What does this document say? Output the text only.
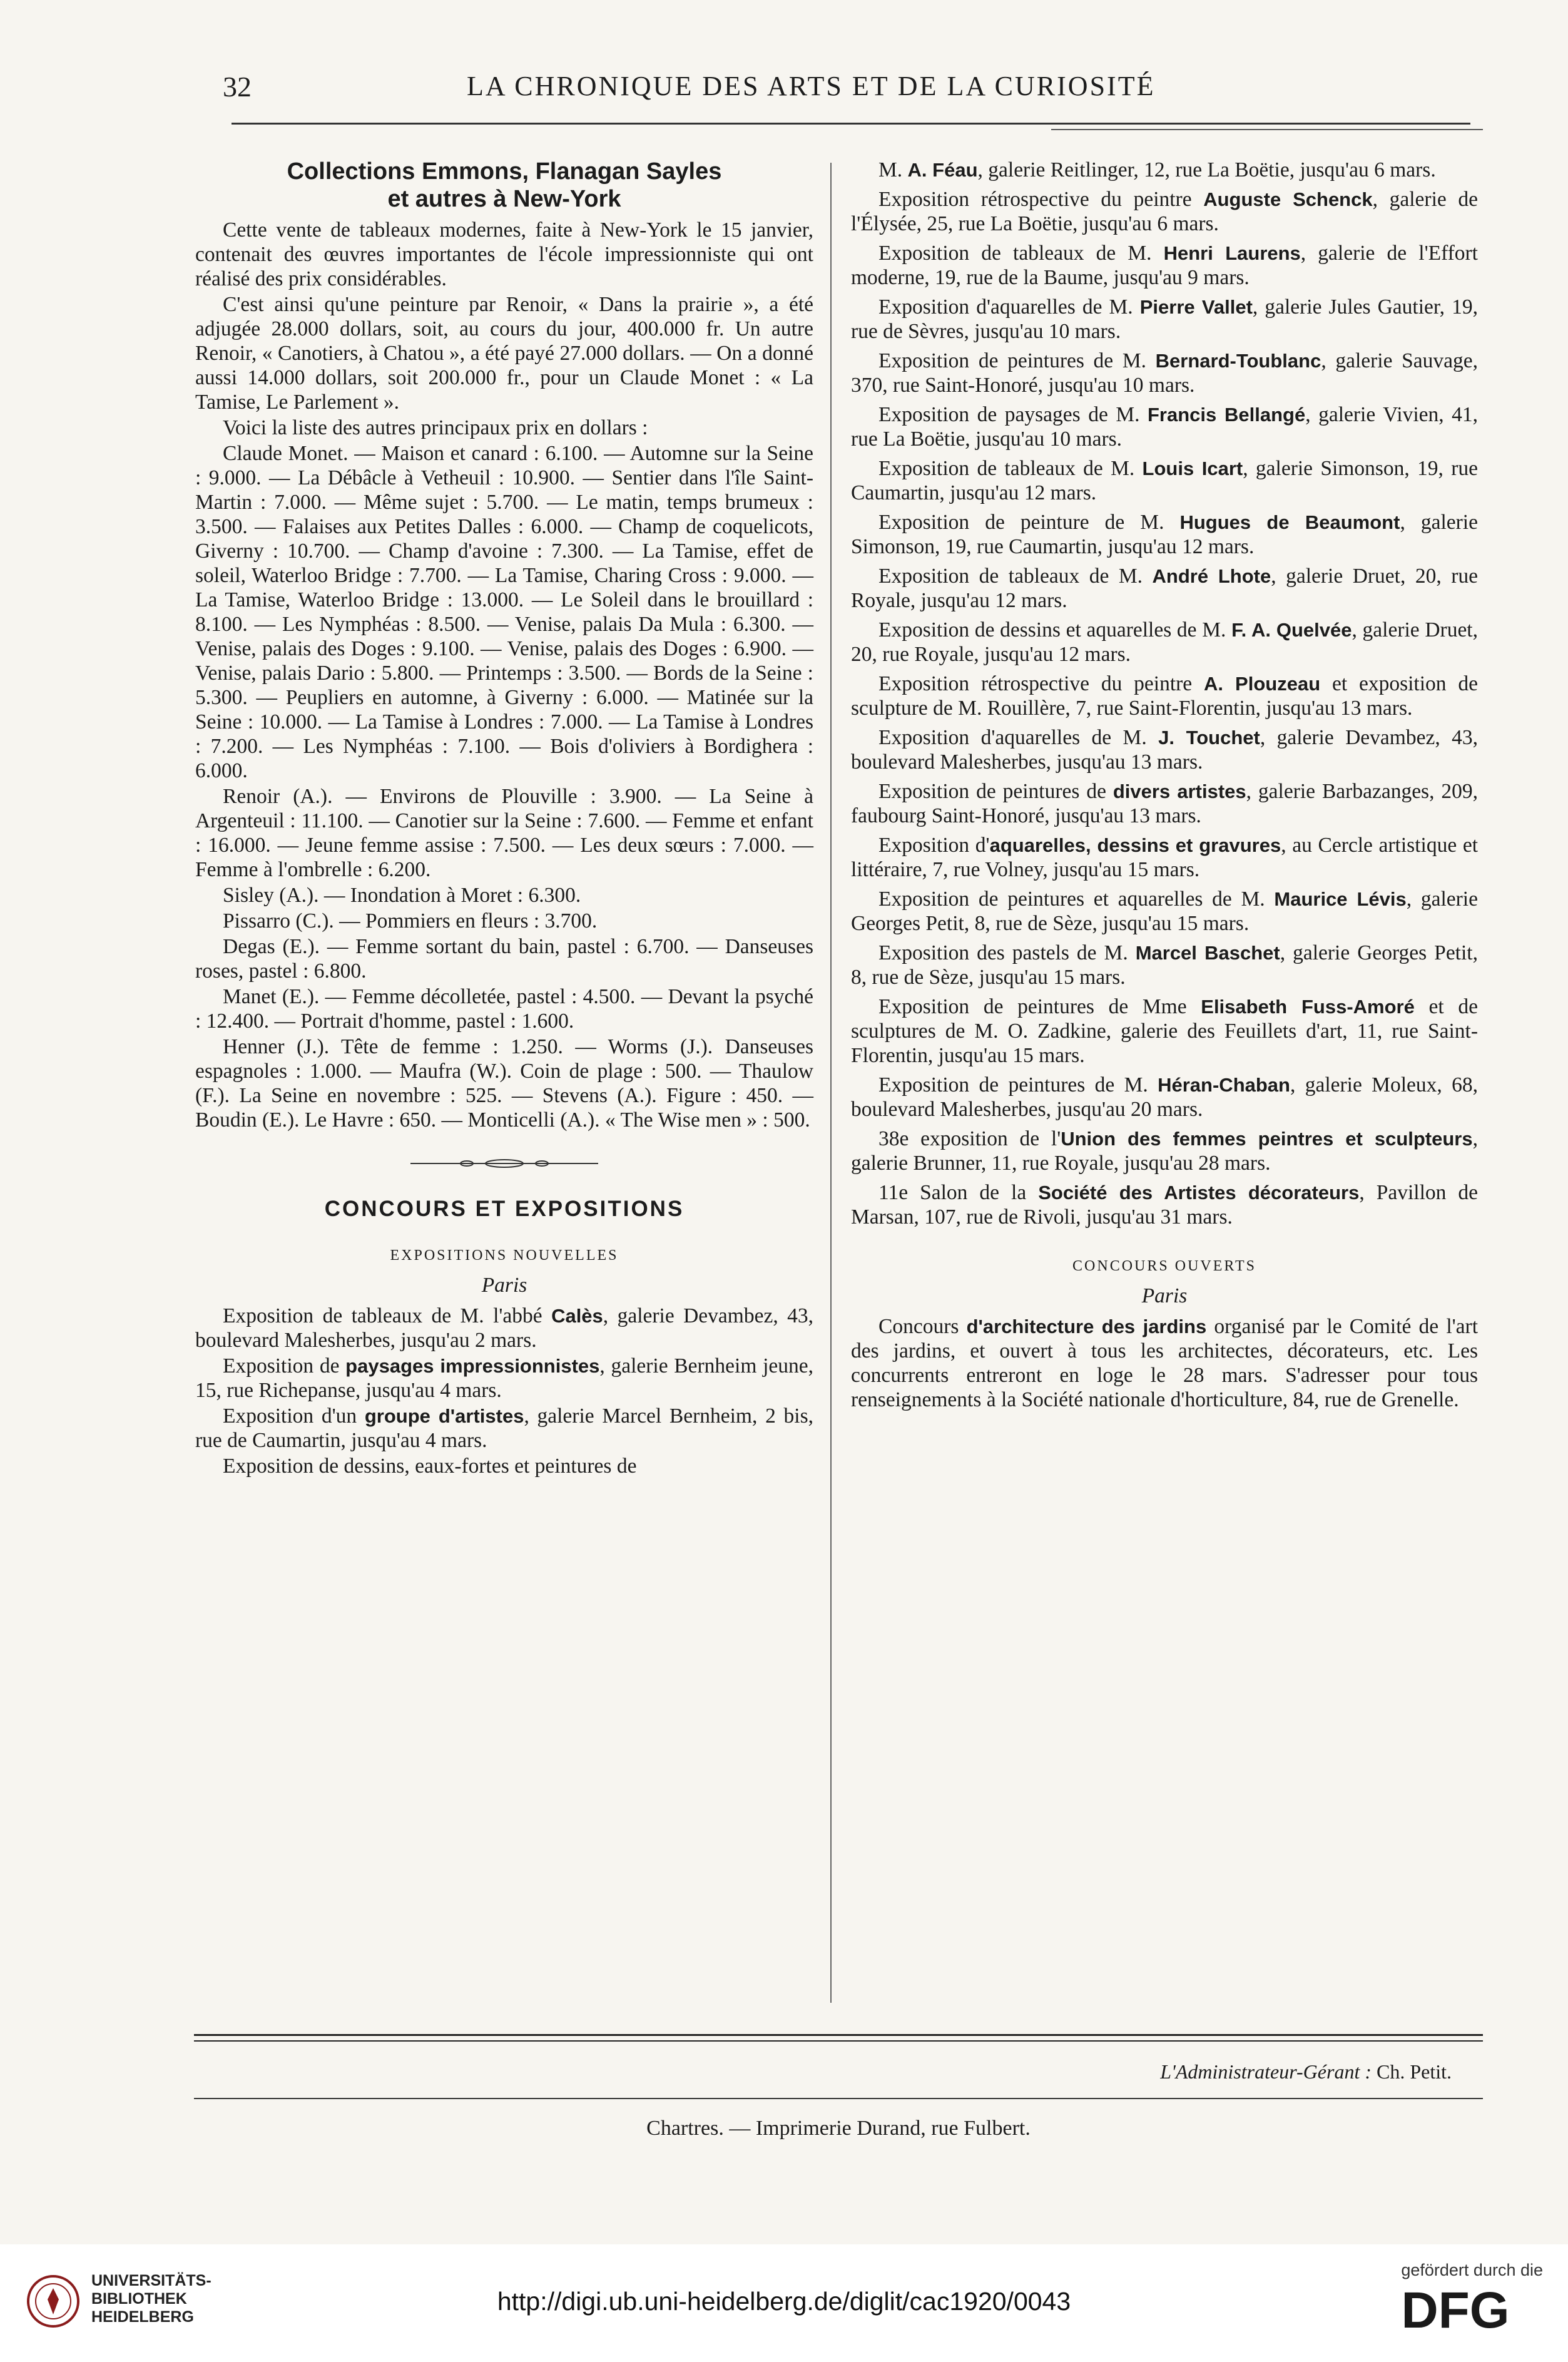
32	LA CHRONIQUE DES ARTS ET DE LA CURIOSITÉ
Collections Emmons, Flanagan Sayles
et autres à New-York

Cette vente de tableaux modernes, faite à New-York le 15 janvier, contenait des œuvres importantes de l'école impressionniste qui ont réalisé des prix considérables.

C'est ainsi qu'une peinture par Renoir, « Dans la prairie », a été adjugée 28.000 dollars, soit, au cours du jour, 400.000 fr. Un autre Renoir, « Canotiers, à Chatou », a été payé 27.000 dollars. — On a donné aussi 14.000 dollars, soit 200.000 fr., pour un Claude Monet : « La Tamise, Le Parlement ».

Voici la liste des autres principaux prix en dollars :

Claude Monet. — Maison et canard : 6.100. — Automne sur la Seine : 9.000. — La Débâcle à Vetheuil : 10.900. — Sentier dans l'île Saint-Martin : 7.000. — Même sujet : 5.700. — Le matin, temps brumeux : 3.500. — Falaises aux Petites Dalles : 6.000. — Champ de coquelicots, Giverny : 10.700. — Champ d'avoine : 7.300. — La Tamise, effet de soleil, Waterloo Bridge : 7.700. — La Tamise, Charing Cross : 9.000. — La Tamise, Waterloo Bridge : 13.000. — Le Soleil dans le brouillard : 8.100. — Les Nymphéas : 8.500. — Venise, palais Da Mula : 6.300. — Venise, palais des Doges : 9.100. — Venise, palais des Doges : 6.900. — Venise, palais Dario : 5.800. — Printemps : 3.500. — Bords de la Seine : 5.300. — Peupliers en automne, à Giverny : 6.000. — Matinée sur la Seine : 10.000. — La Tamise à Londres : 7.000. — La Tamise à Londres : 7.200. — Les Nymphéas : 7.100. — Bois d'oliviers à Bordighera : 6.000.

Renoir (A.). — Environs de Plouville : 3.900. — La Seine à Argenteuil : 11.100. — Canotier sur la Seine : 7.600. — Femme et enfant : 16.000. — Jeune femme assise : 7.500. — Les deux sœurs : 7.000. — Femme à l'ombrelle : 6.200.

Sisley (A.). — Inondation à Moret : 6.300.

Pissarro (C.). — Pommiers en fleurs : 3.700.

Degas (E.). — Femme sortant du bain, pastel : 6.700. — Danseuses roses, pastel : 6.800.

Manet (E.). — Femme décolletée, pastel : 4.500. — Devant la psyché : 12.400. — Portrait d'homme, pastel : 1.600.

Henner (J.). Tête de femme : 1.250. — Worms (J.). Danseuses espagnoles : 1.000. — Maufra (W.). Coin de plage : 500. — Thaulow (F.). La Seine en novembre : 525. — Stevens (A.). Figure : 450. — Boudin (E.). Le Havre : 650. — Monticelli (A.). « The Wise men » : 500.

CONCOURS ET EXPOSITIONS
EXPOSITIONS NOUVELLES
Paris

Exposition de tableaux de M. l'abbé Calès, galerie Devambez, 43, boulevard Malesherbes, jusqu'au 2 mars.

Exposition de paysages impressionnistes, galerie Bernheim jeune, 15, rue Richepanse, jusqu'au 4 mars.

Exposition d'un groupe d'artistes, galerie Marcel Bernheim, 2 bis, rue de Caumartin, jusqu'au 4 mars.

Exposition de dessins, eaux-fortes et peintures de

M. A. Féau, galerie Reitlinger, 12, rue La Boëtie, jusqu'au 6 mars.

Exposition rétrospective du peintre Auguste Schenck, galerie de l'Élysée, 25, rue La Boëtie, jusqu'au 6 mars.

Exposition de tableaux de M. Henri Laurens, galerie de l'Effort moderne, 19, rue de la Baume, jusqu'au 9 mars.

Exposition d'aquarelles de M. Pierre Vallet, galerie Jules Gautier, 19, rue de Sèvres, jusqu'au 10 mars.

Exposition de peintures de M. Bernard-Toublanc, galerie Sauvage, 370, rue Saint-Honoré, jusqu'au 10 mars.

Exposition de paysages de M. Francis Bellangé, galerie Vivien, 41, rue La Boëtie, jusqu'au 10 mars.

Exposition de tableaux de M. Louis Icart, galerie Simonson, 19, rue Caumartin, jusqu'au 12 mars.

Exposition de peinture de M. Hugues de Beaumont, galerie Simonson, 19, rue Caumartin, jusqu'au 12 mars.

Exposition de tableaux de M. André Lhote, galerie Druet, 20, rue Royale, jusqu'au 12 mars.

Exposition de dessins et aquarelles de M. F. A. Quelvée, galerie Druet, 20, rue Royale, jusqu'au 12 mars.

Exposition rétrospective du peintre A. Plouzeau et exposition de sculpture de M. Rouillère, 7, rue Saint-Florentin, jusqu'au 13 mars.

Exposition d'aquarelles de M. J. Touchet, galerie Devambez, 43, boulevard Malesherbes, jusqu'au 13 mars.

Exposition de peintures de divers artistes, galerie Barbazanges, 209, faubourg Saint-Honoré, jusqu'au 13 mars.

Exposition d'aquarelles, dessins et gravures, au Cercle artistique et littéraire, 7, rue Volney, jusqu'au 15 mars.

Exposition de peintures et aquarelles de M. Maurice Lévis, galerie Georges Petit, 8, rue de Sèze, jusqu'au 15 mars.

Exposition des pastels de M. Marcel Baschet, galerie Georges Petit, 8, rue de Sèze, jusqu'au 15 mars.

Exposition de peintures de Mme Elisabeth Fuss-Amoré et de sculptures de M. O. Zadkine, galerie des Feuillets d'art, 11, rue Saint-Florentin, jusqu'au 15 mars.

Exposition de peintures de M. Héran-Chaban, galerie Moleux, 68, boulevard Malesherbes, jusqu'au 20 mars.

38e exposition de l'Union des femmes peintres et sculpteurs, galerie Brunner, 11, rue Royale, jusqu'au 28 mars.

11e Salon de la Société des Artistes décorateurs, Pavillon de Marsan, 107, rue de Rivoli, jusqu'au 31 mars.

CONCOURS OUVERTS
Paris

Concours d'architecture des jardins organisé par le Comité de l'art des jardins, et ouvert à tous les architectes, décorateurs, etc. Les concurrents entreront en loge le 28 mars. S'adresser pour tous renseignements à la Société nationale d'horticulture, 84, rue de Grenelle.

L'Administrateur-Gérant : Ch. Petit.
Chartres. — Imprimerie Durand, rue Fulbert.
UNIVERSITÄTS-
BIBLIOTHEK
HEIDELBERG
http://digi.ub.uni-heidelberg.de/diglit/cac1920/0043
gefördert durch die
DFG
